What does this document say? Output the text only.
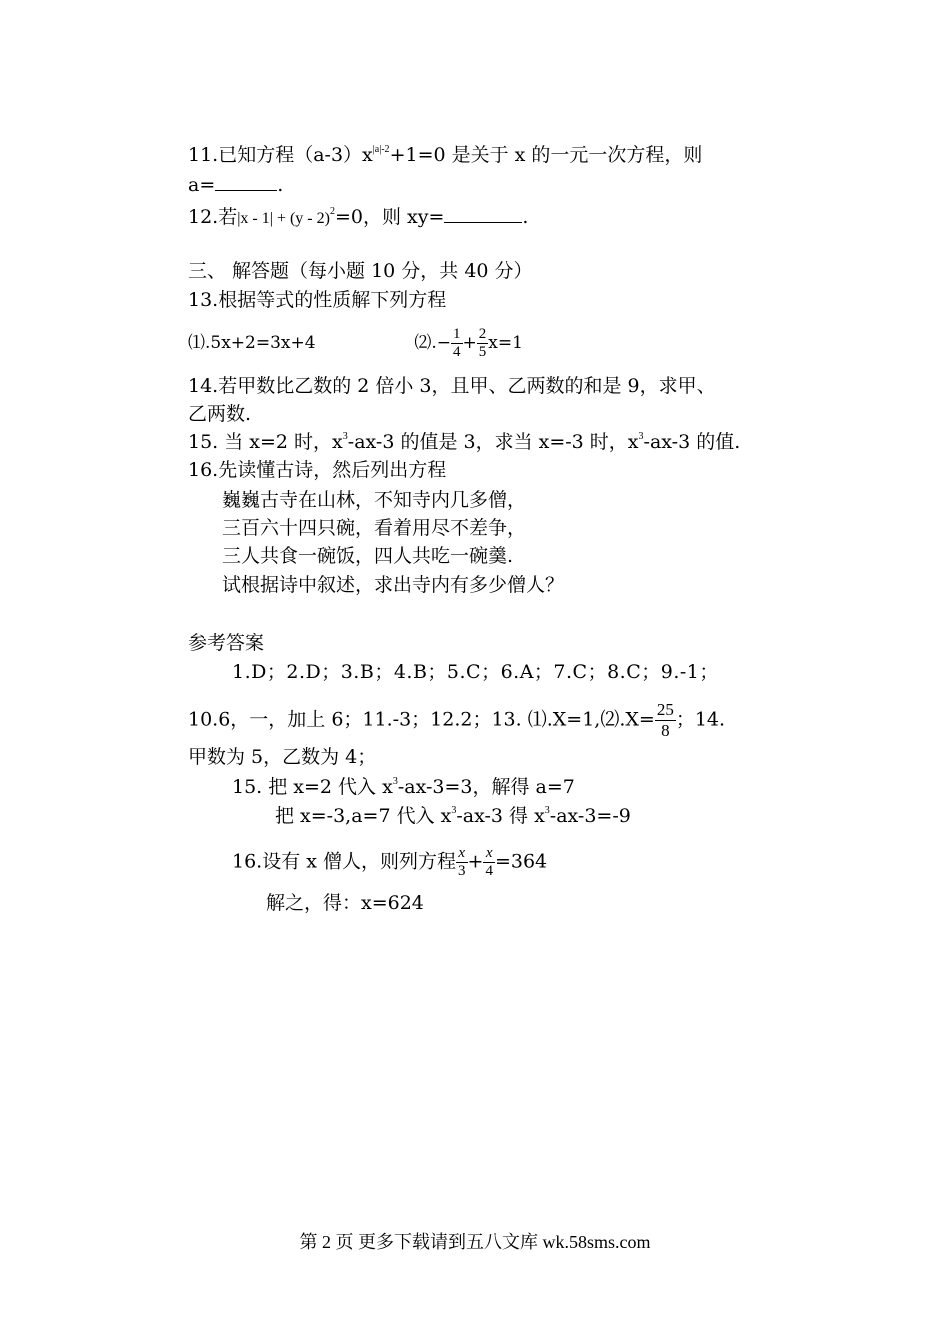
11.已知方程$(a-3)x^{|a|-2}+1=0$ 是关于 x 的一元一次方程，则
a=	.
12.若|x - 1| + (y - 2)$^2$=0，则 xy=	.
三、 解答题（每小题 10 分，共 40 分）
13.根据等式的性质解下列方程
⑴.5x+2=3x+4	⑵.− $\frac{1}{4} + \frac{2}{5} x=1$
14.若甲数比乙数的 2 倍小 3，且甲、乙两数的和是 9，求甲、
乙两数.
15. 当 x=2 时，$x^3-ax-3$ 的值是 3，求当 x=-3 时，$x^3-ax-3$ 的值.
16.先读懂古诗，然后列出方程
巍巍古寺在山林，不知寺内几多僧，
三百六十四只碗，看着用尽不差争，
三人共食一碗饭，四人共吃一碗羹.
试根据诗中叙述，求出寺内有多少僧人？
参考答案
1.D；2.D；3.B；4.B；5.C；6.A；7.C；8.C；9.-1；
10.6，一，加上 6；11.-3；12.2；13. ⑴.X=1,⑵.X= $\frac{25}{8}$ ；14.
甲数为 5，乙数为 4；
15. 把 x=2 代入 $x^3-ax-3=3$，解得 a=7
把 x=-3,a=7 代入 $x^3-ax-3$ 得 $x^3-ax-3=-9$
16.设有 x 僧人，则列方程 $\frac{x}{3} + \frac{x}{4} =364$
解之，得：x=624
第 2 页 更多下载请到五八文库 wk.58sms.com
